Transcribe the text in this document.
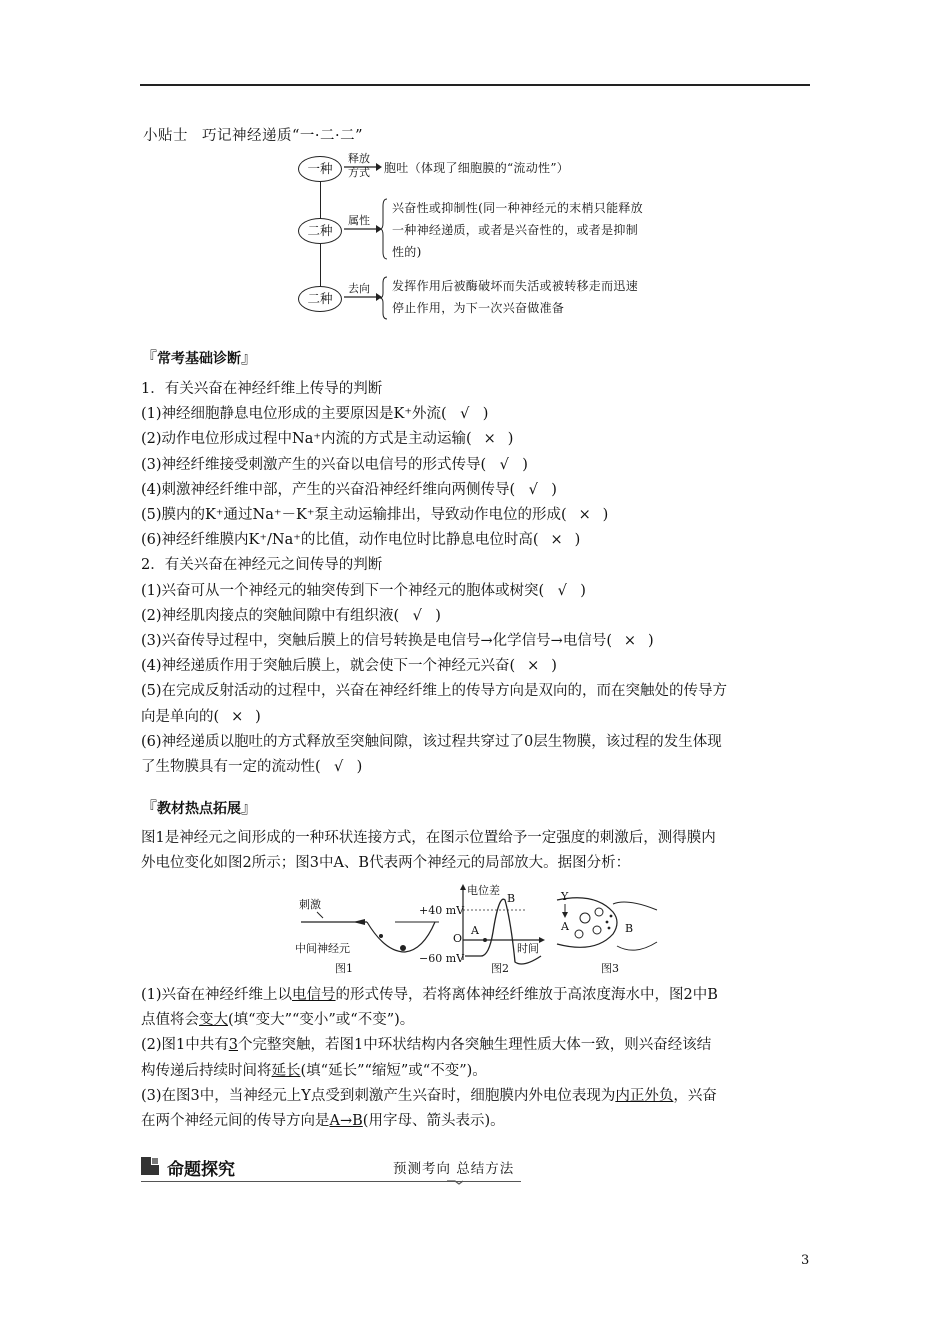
小贴士 巧记神经递质“一·二·二”
一种
释放
方式 胞吐（体现了细胞膜的“流动性”）
二种
属性
兴奋性或抑制性(同一种神经元的末梢只能释放
一种神经递质，或者是兴奋性的，或者是抑制
性的)
二种
去向 发挥作用后被酶破坏而失活或被转移走而迅速
停止作用，为下一次兴奋做准备
『常考基础诊断』

1．有关兴奋在神经纤维上传导的判断

(1)神经细胞静息电位形成的主要原因是K⁺外流( √ )

(2)动作电位形成过程中Na⁺内流的方式是主动运输( × )

(3)神经纤维接受刺激产生的兴奋以电信号的形式传导( √ )

(4)刺激神经纤维中部，产生的兴奋沿神经纤维向两侧传导( √ )

(5)膜内的K⁺通过Na⁺－K⁺泵主动运输排出，导致动作电位的形成( × )

(6)神经纤维膜内K⁺/Na⁺的比值，动作电位时比静息电位时高( × )

2．有关兴奋在神经元之间传导的判断

(1)兴奋可从一个神经元的轴突传到下一个神经元的胞体或树突( √ )

(2)神经肌肉接点的突触间隙中有组织液( √ )

(3)兴奋传导过程中，突触后膜上的信号转换是电信号→化学信号→电信号( × )

(4)神经递质作用于突触后膜上，就会使下一个神经元兴奋( × )

(5)在完成反射活动的过程中，兴奋在神经纤维上的传导方向是双向的，而在突触处的传导方

向是单向的( × )

(6)神经递质以胞吐的方式释放至突触间隙，该过程共穿过了0层生物膜，该过程的发生体现

了生物膜具有一定的流动性( √ )

『教材热点拓展』

图1是神经元之间形成的一种环状连接方式，在图示位置给予一定强度的刺激后，测得膜内

外电位变化如图2所示；图3中A、B代表两个神经元的局部放大。据图分析：

刺激
中间神经元
图1
电位差
+40 mV
O
−60 mV
A
B
时间
图2
Y
A	B
图3

(1)兴奋在神经纤维上以电信号的形式传导，若将离体神经纤维放于高浓度海水中，图2中B

点值将会变大(填“变大”“变小”或“不变”)。

(2)图1中共有3个完整突触，若图1中环状结构内各突触生理性质大体一致，则兴奋经该结

构传递后持续时间将延长(填“延长”“缩短”或“不变”)。

(3)在图3中，当神经元上Y点受到刺激产生兴奋时，细胞膜内外电位表现为内正外负，兴奋

在两个神经元间的传导方向是A→B(用字母、箭头表示)。

命题探究	预测考向 总结方法
3
